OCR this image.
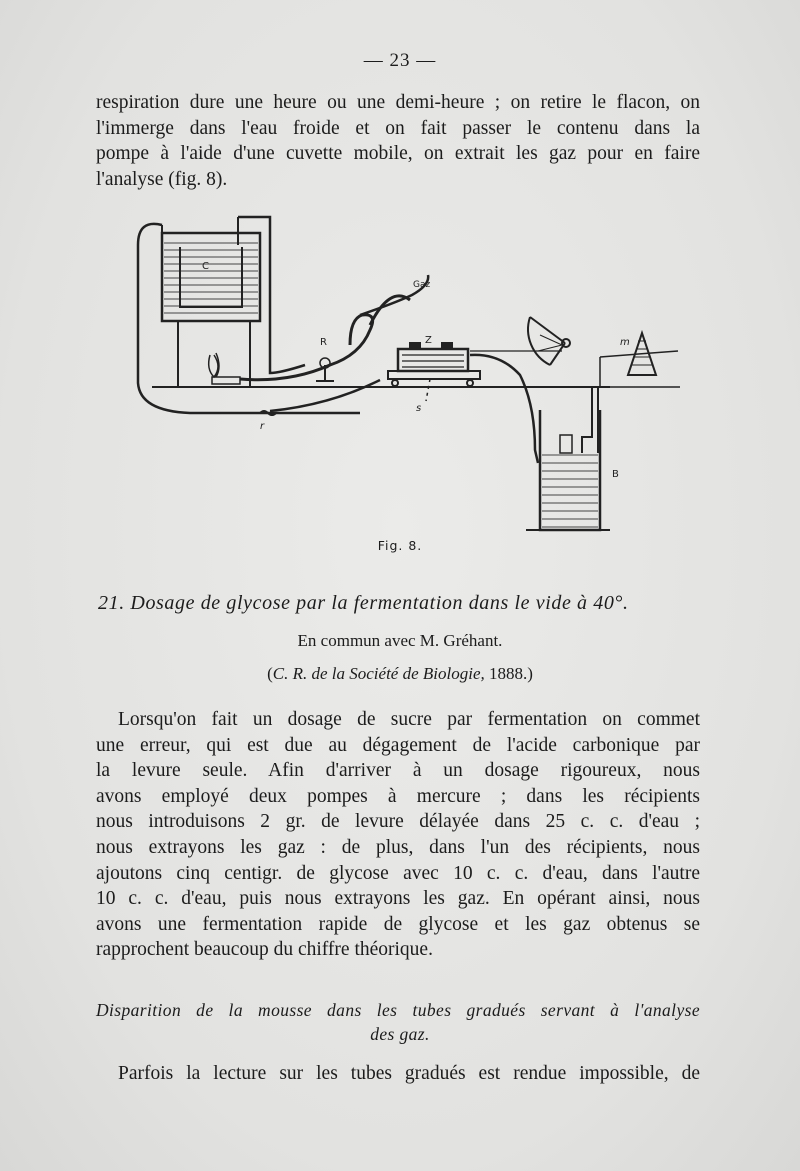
— 23 —
respiration dure une heure ou une demi-heure ; on retire le flacon, on
l'immerge dans l'eau froide et on fait passer le contenu dans la
pompe à l'aide d'une cuvette mobile, on extrait les gaz pour en faire
l'analyse (fig. 8).
C
Gaz
R	Z	m
s
r
B
Fig. 8.
21. Dosage de glycose par la fermentation dans le vide à 40°.
En commun avec M. Gréhant.
(C. R. de la Société de Biologie, 1888.)
Lorsqu'on fait un dosage de sucre par fermentation on commet
une erreur, qui est due au dégagement de l'acide carbonique par
la levure seule. Afin d'arriver à un dosage rigoureux, nous
avons employé deux pompes à mercure ; dans les récipients
nous introduisons 2 gr. de levure délayée dans 25 c. c. d'eau ;
nous extrayons les gaz : de plus, dans l'un des récipients, nous
ajoutons cinq centigr. de glycose avec 10 c. c. d'eau, dans l'autre
10 c. c. d'eau, puis nous extrayons les gaz. En opérant ainsi, nous
avons une fermentation rapide de glycose et les gaz obtenus se
rapprochent beaucoup du chiffre théorique.
Disparition de la mousse dans les tubes gradués servant à l'analyse
des gaz.
Parfois la lecture sur les tubes gradués est rendue impossible, de
